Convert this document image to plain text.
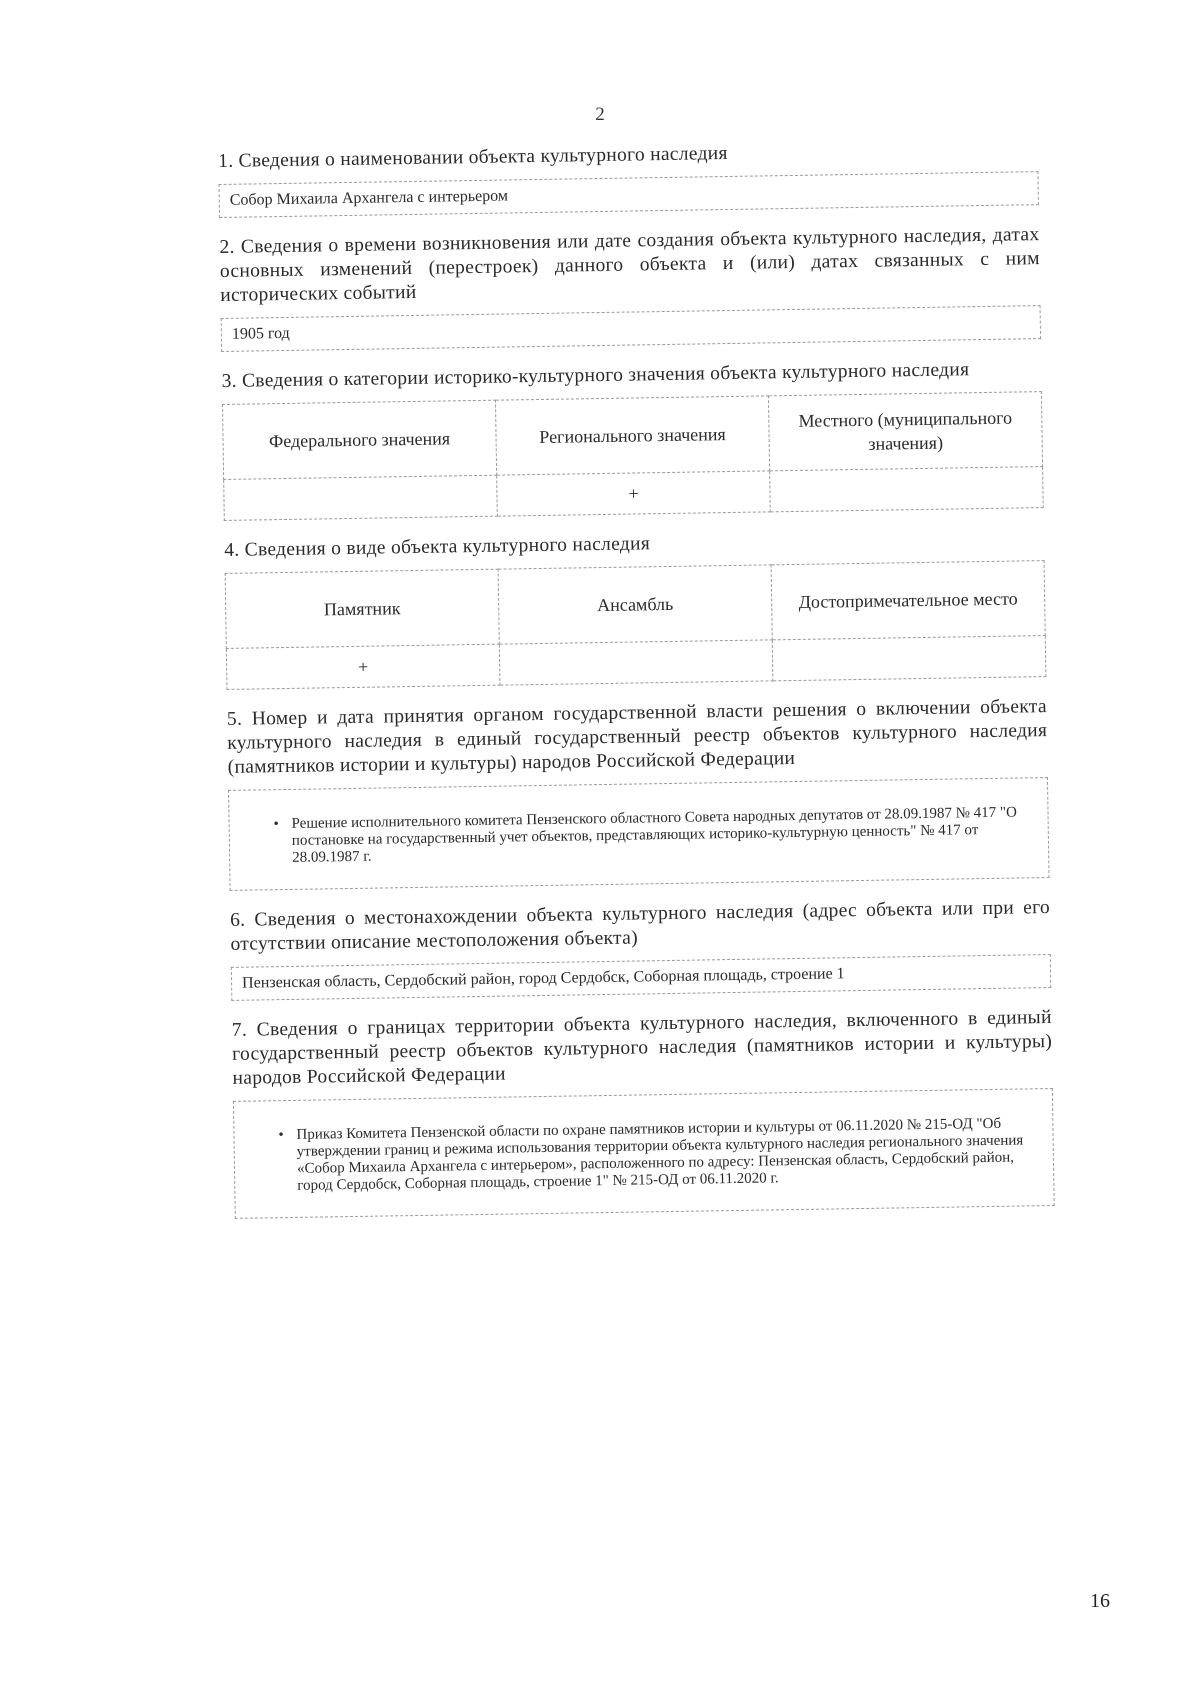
2

1. Сведения о наименовании объекта культурного наследия

Собор Михаила Архангела с интерьером

2. Сведения о времени возникновения или дате создания объекта культурного наследия, датах основных изменений (перестроек) данного объекта и (или) датах связанных с ним исторических событий

1905 год

3. Сведения о категории историко-культурного значения объекта культурного наследия

Федерального значения	Регионального значения	Местного (муниципального значения)
	+	

4. Сведения о виде объекта культурного наследия

Памятник	Ансамбль	Достопримечательное место
+		

5. Номер и дата принятия органом государственной власти решения о включении объекта культурного наследия в единый государственный реестр объектов культурного наследия (памятников истории и культуры) народов Российской Федерации

• Решение исполнительного комитета Пензенского областного Совета народных депутатов от 28.09.1987 № 417 "О постановке на государственный учет объектов, представляющих историко-культурную ценность" № 417 от 28.09.1987 г.

6. Сведения о местонахождении объекта культурного наследия (адрес объекта или при его отсутствии описание местоположения объекта)

Пензенская область, Сердобский район, город Сердобск, Соборная площадь, строение 1

7. Сведения о границах территории объекта культурного наследия, включенного в единый государственный реестр объектов культурного наследия (памятников истории и культуры) народов Российской Федерации

• Приказ Комитета Пензенской области по охране памятников истории и культуры от 06.11.2020 № 215-ОД "Об утверждении границ и режима использования территории объекта культурного наследия регионального значения «Собор Михаила Архангела с интерьером», расположенного по адресу: Пензенская область, Сердобский район, город Сердобск, Соборная площадь, строение 1" № 215-ОД от 06.11.2020 г.
16
